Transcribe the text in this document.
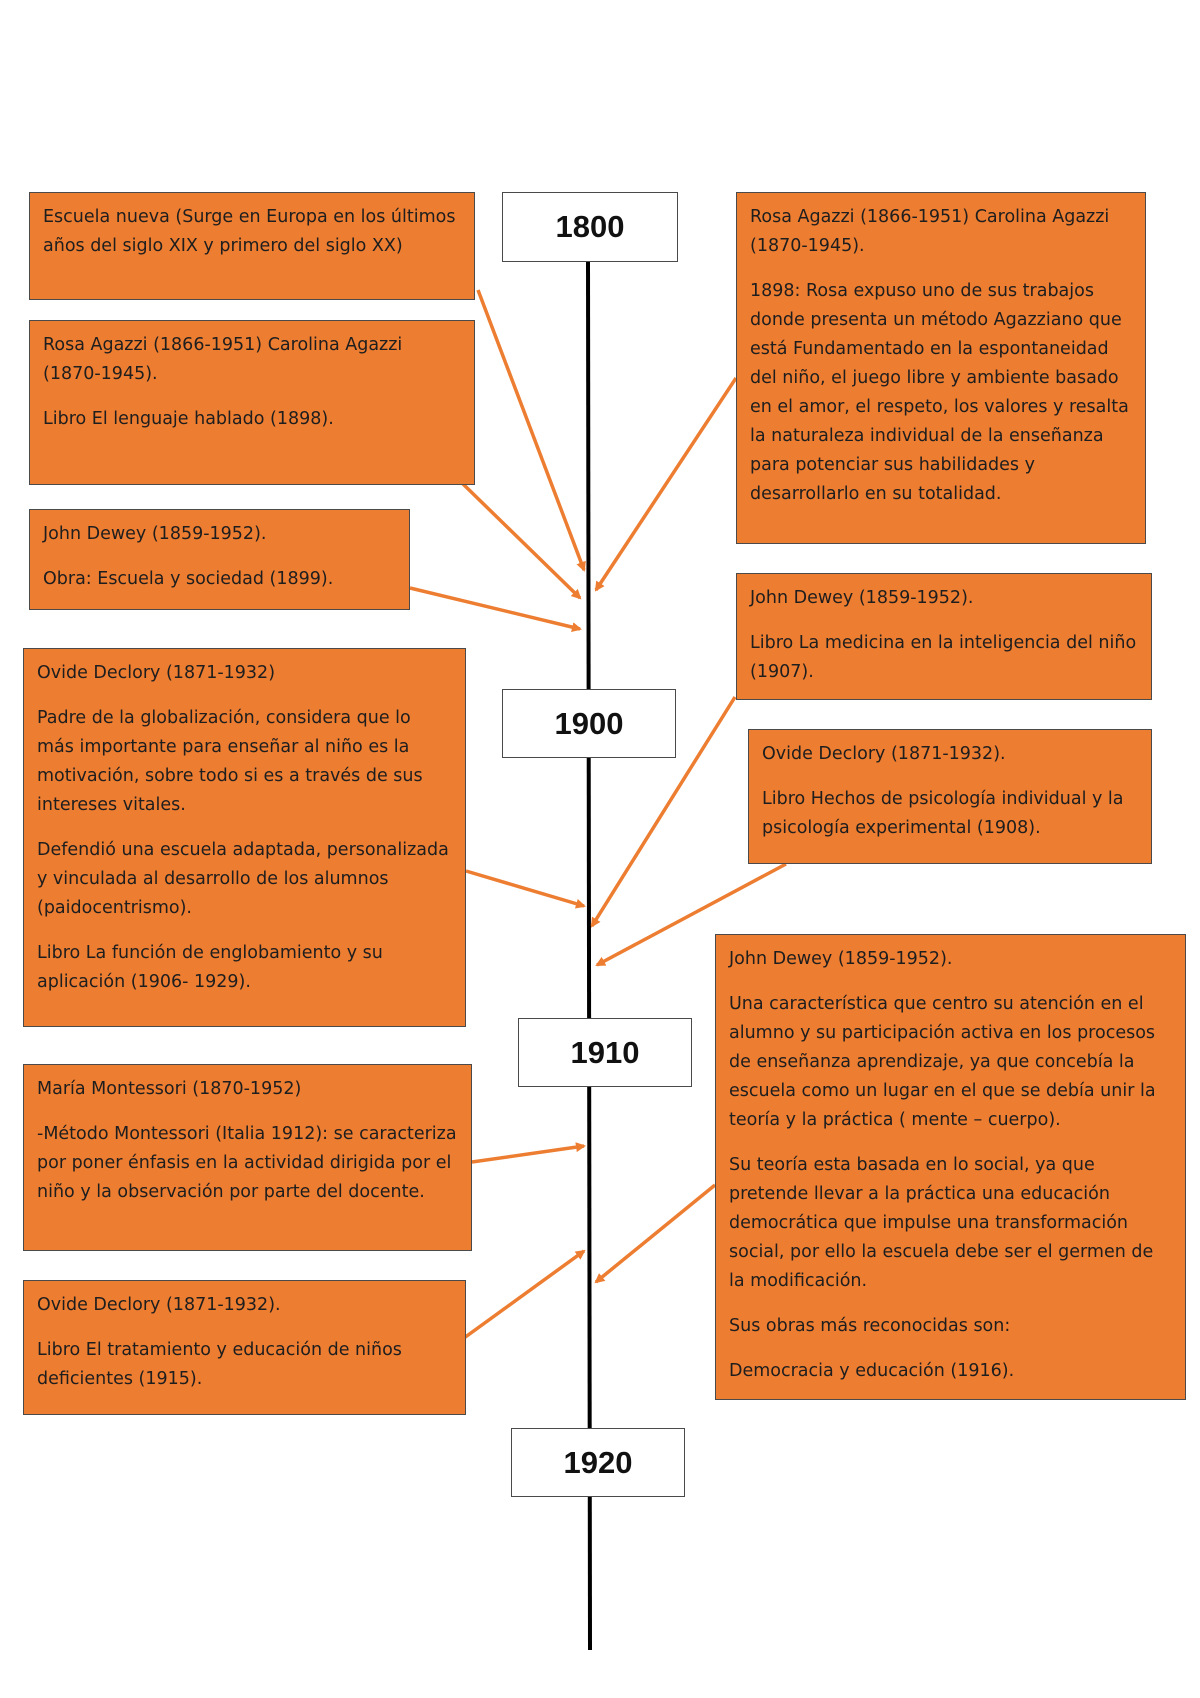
1800
1900
1910
1920

Escuela nueva (Surge en Europa en los últimos años del siglo XIX y primero del siglo XX)

Rosa Agazzi (1866-1951) Carolina Agazzi (1870-1945).

Libro El lenguaje hablado (1898).

John Dewey (1859-1952).

Obra: Escuela y sociedad (1899).

Ovide Declory (1871-1932)

Padre de la globalización, considera que lo más importante para enseñar al niño es la motivación, sobre todo si es a través de sus intereses vitales.

Defendió una escuela adaptada, personalizada y vinculada al desarrollo de los alumnos (paidocentrismo).

Libro La función de englobamiento y su aplicación (1906- 1929).

María Montessori (1870-1952)

-Método Montessori (Italia 1912): se caracteriza por poner énfasis en la actividad dirigida por el niño y la observación por parte del docente.

Ovide Declory (1871-1932).

Libro El tratamiento y educación de niños deficientes (1915).

Rosa Agazzi (1866-1951) Carolina Agazzi (1870-1945).

1898: Rosa expuso uno de sus trabajos donde presenta un método Agazziano que está Fundamentado en la espontaneidad del niño, el juego libre y ambiente basado en el amor, el respeto, los valores y resalta la naturaleza individual de la enseñanza para potenciar sus habilidades y desarrollarlo en su totalidad.

John Dewey (1859-1952).

Libro La medicina en la inteligencia del niño (1907).

Ovide Declory (1871-1932).

Libro Hechos de psicología individual y la psicología experimental (1908).

John Dewey (1859-1952).

Una característica que centro su atención en el alumno y su participación activa en los procesos de enseñanza aprendizaje, ya que concebía la escuela como un lugar en el que se debía unir la teoría y la práctica ( mente – cuerpo).

Su teoría esta basada en lo social, ya que pretende llevar a la práctica una educación democrática que impulse una transformación social, por ello la escuela debe ser el germen de la modificación.

Sus obras más reconocidas son:

Democracia y educación (1916).
